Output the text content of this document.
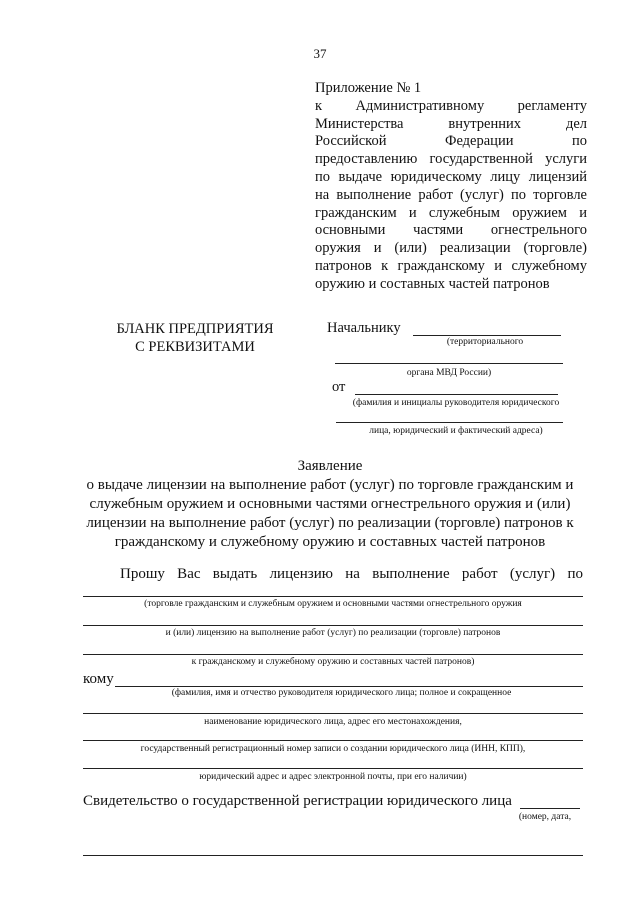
37
Приложение № 1
к Административному регламенту
Министерства внутренних дел
Российской Федерации по
предоставлению государственной услуги
по выдаче юридическому лицу лицензий
на выполнение работ (услуг) по торговле
гражданским и служебным оружием и
основными частями огнестрельного
оружия и (или) реализации (торговле)
патронов к гражданскому и служебному
оружию и составных частей патронов
БЛАНК ПРЕДПРИЯТИЯ
С РЕКВИЗИТАМИ
Начальнику
(территориального
органа МВД России)
от
(фамилия и инициалы руководителя юридического
лица, юридический и фактический адреса)
Заявление
о выдаче лицензии на выполнение работ (услуг) по торговле гражданским и
служебным оружием и основными частями огнестрельного оружия и (или)
лицензии на выполнение работ (услуг) по реализации (торговле) патронов к
гражданскому и служебному оружию и составных частей патронов
Прошу Вас выдать лицензию на выполнение работ (услуг) по
(торговле гражданским и служебным оружием и основными частями огнестрельного оружия
и (или) лицензию на выполнение работ (услуг) по реализации (торговле) патронов
к гражданскому и служебному оружию и составных частей патронов)
кому
(фамилия, имя и отчество руководителя юридического лица; полное и сокращенное
наименование юридического лица, адрес его местонахождения,
государственный регистрационный номер записи о создании юридического лица (ИНН, КПП),
юридический адрес и адрес электронной почты, при его наличии)
Свидетельство о государственной регистрации юридического лица
(номер, дата,
